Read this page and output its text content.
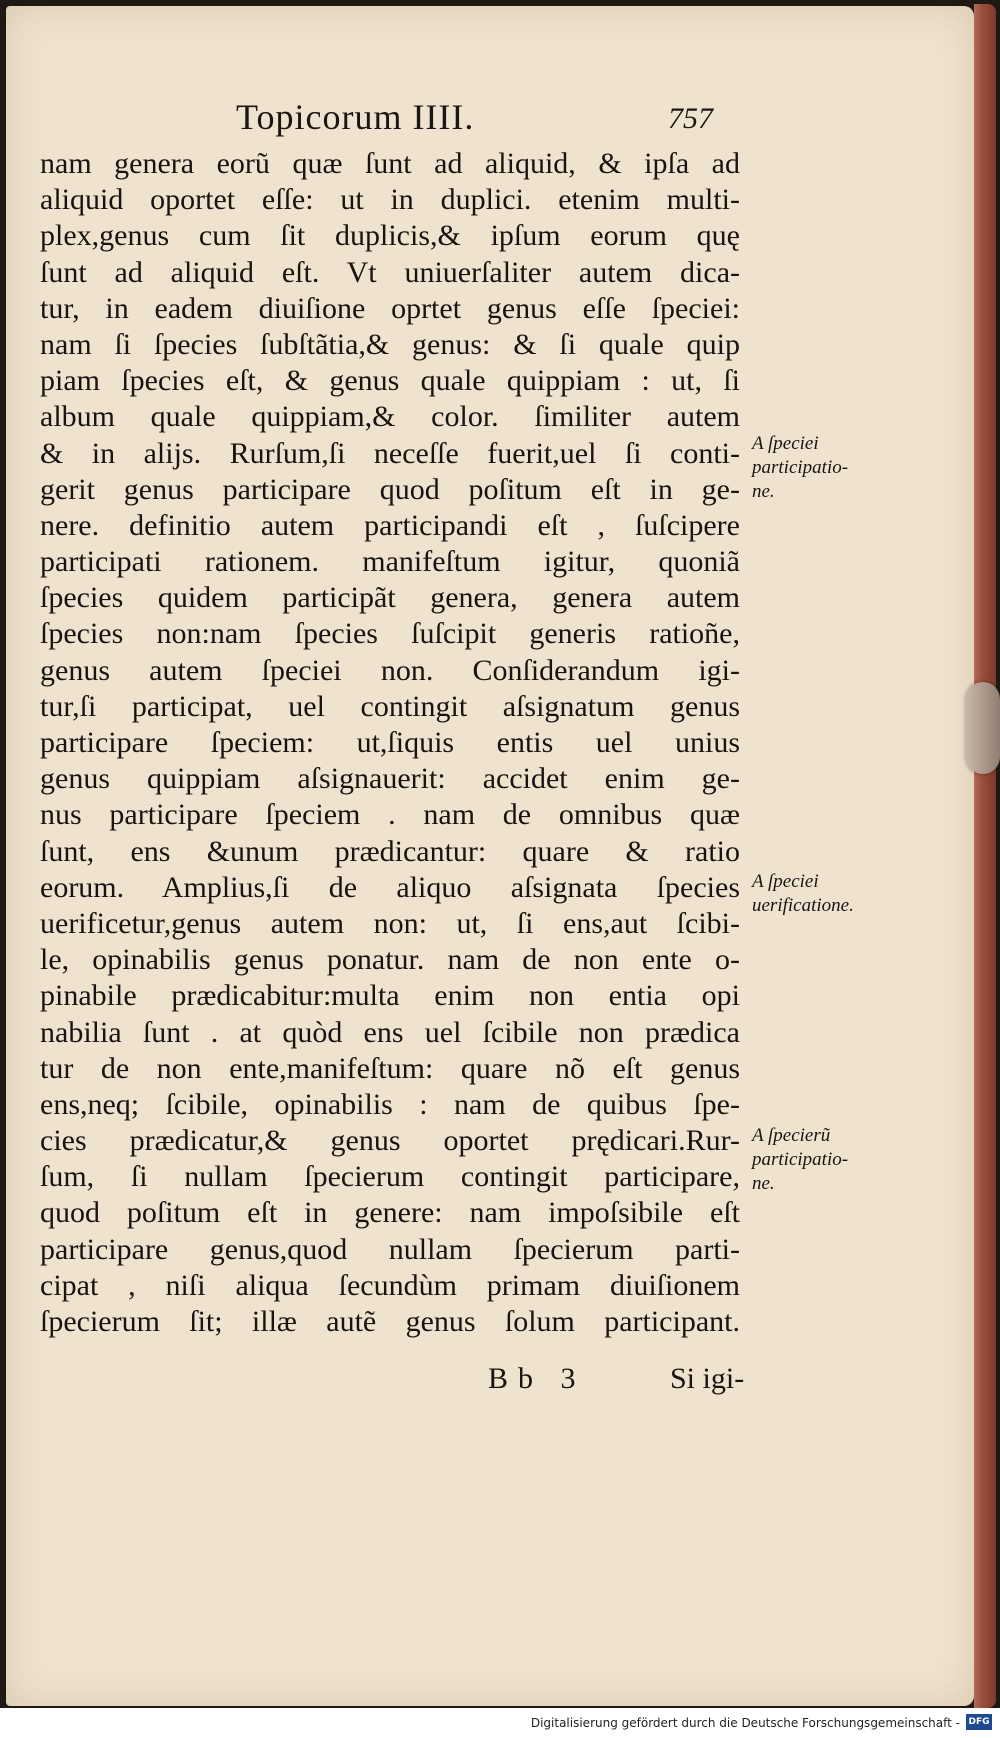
Topicorum IIII.	757
nam genera eorũ quæ ſunt ad aliquid, & ipſa ad
aliquid oportet eſſe: ut in duplici. etenim multi-
plex,genus cum ſit duplicis,& ipſum eorum quę
ſunt ad aliquid eſt. Vt uniuerſaliter autem dica-
tur, in eadem diuiſione oprtet genus eſſe ſpeciei:
nam ſi ſpecies ſubſtãtia,& genus: & ſi quale quip
piam ſpecies eſt, & genus quale quippiam : ut, ſi
album quale quippiam,& color. ſimiliter autem
& in alijs. Rurſum,ſi neceſſe fuerit,uel ſi conti-
gerit genus participare quod poſitum eſt in ge-
nere. definitio autem participandi eſt , ſuſcipere
participati rationem. manifeſtum igitur, quoniã
ſpecies quidem participãt genera, genera autem
ſpecies non:nam ſpecies ſuſcipit generis ratioñe,
genus autem ſpeciei non. Conſiderandum igi-
tur,ſi participat, uel contingit aſsignatum genus
participare ſpeciem: ut,ſiquis entis uel unius
genus quippiam aſsignauerit: accidet enim ge-
nus participare ſpeciem . nam de omnibus quæ
ſunt, ens &unum prædicantur: quare & ratio
eorum. Amplius,ſi de aliquo aſsignata ſpecies
uerificetur,genus autem non: ut, ſi ens,aut ſcibi-
le, opinabilis genus ponatur. nam de non ente o-
pinabile prædicabitur:multa enim non entia opi
nabilia ſunt . at quòd ens uel ſcibile non prædica
tur de non ente,manifeſtum: quare nõ eſt genus
ens,neq; ſcibile, opinabilis : nam de quibus ſpe-
cies prædicatur,& genus oportet prędicari.Rur-
ſum, ſi nullam ſpecierum contingit participare,
quod poſitum eſt in genere: nam impoſsibile eſt
participare genus,quod nullam ſpecierum parti-
cipat , niſi aliqua ſecundùm primam diuiſionem
ſpecierum ſit; illæ autẽ genus ſolum participant.
A ſpeciei
participatio-
ne.
A ſpeciei
uerificatione.
A ſpecierũ
participatio-
ne.
Bb 3	Si igi-
Digitalisierung gefördert durch die Deutsche Forschungsgemeinschaft - DFG
